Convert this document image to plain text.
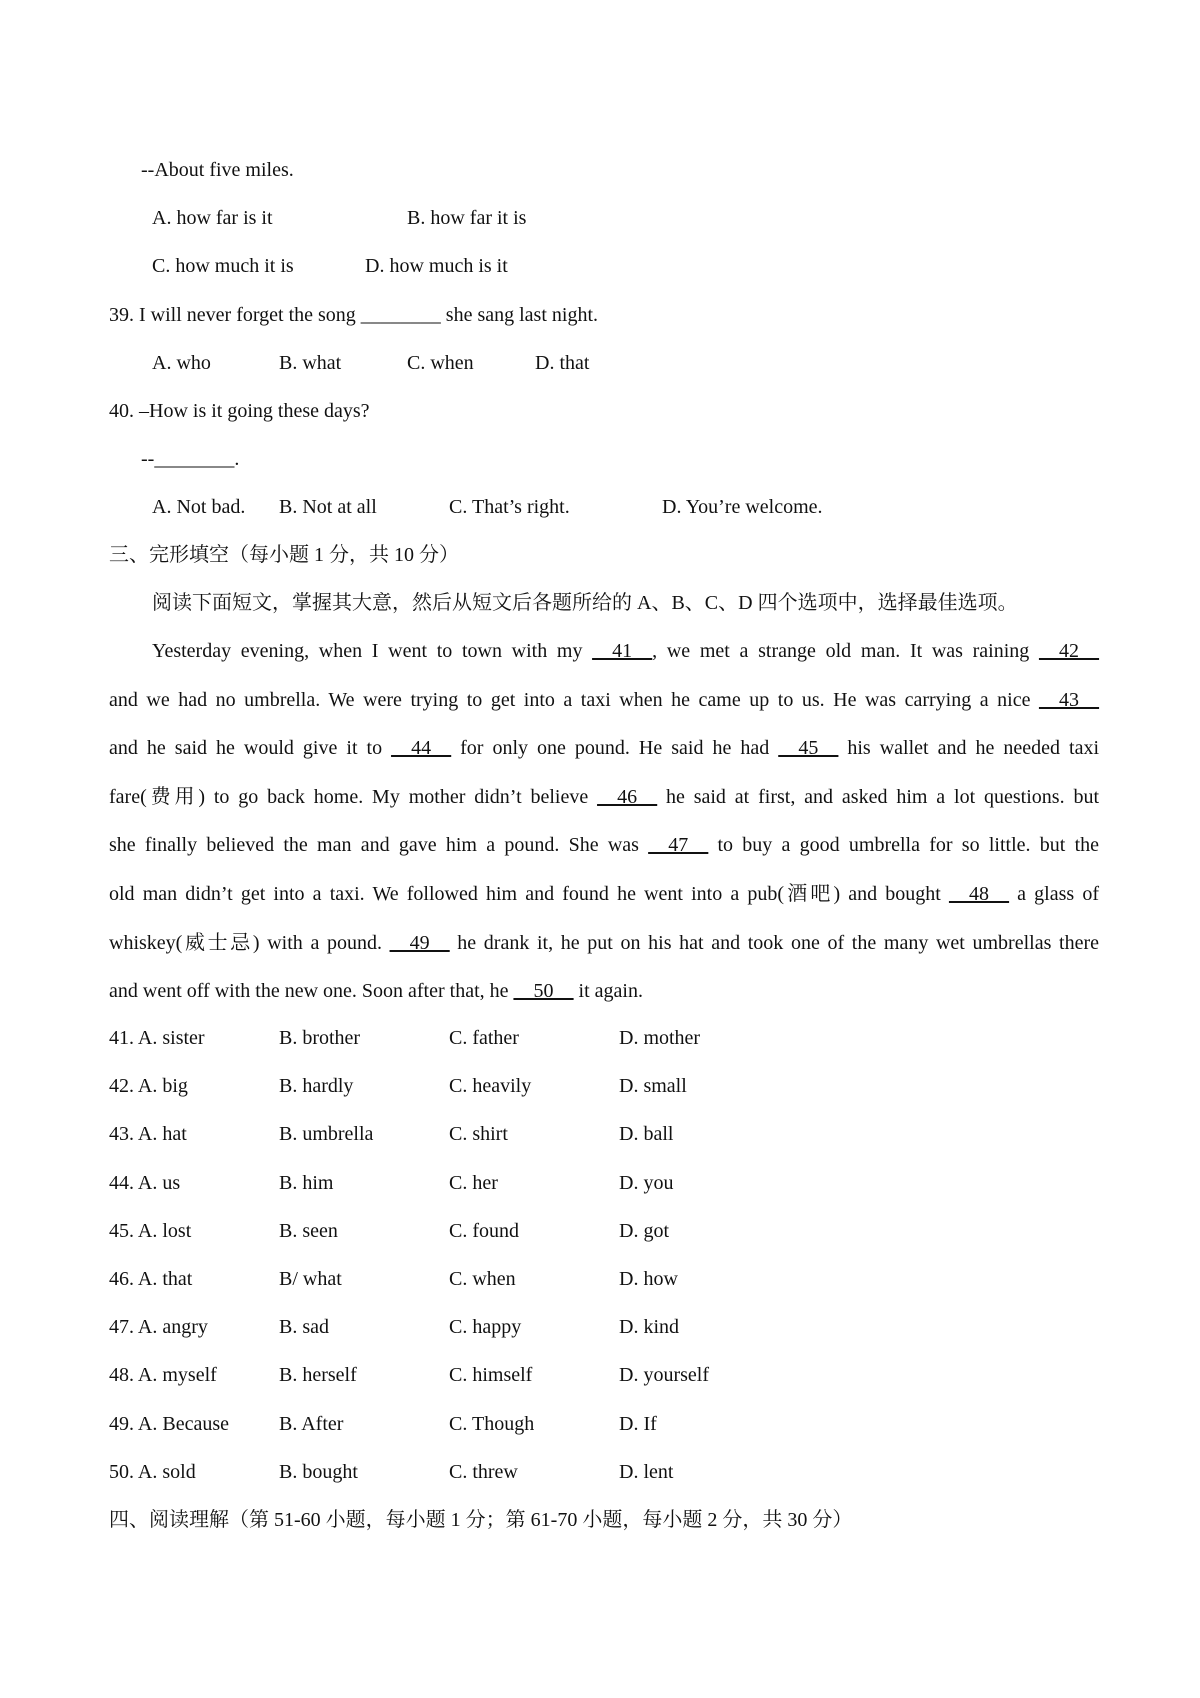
--About five miles.
A. how far is it	B. how far it is
C. how much it is	D. how much is it
39. I will never forget the song ________ she sang last night.
A. who	B. what	C. when	D. that
40. –How is it going these days?
--________.
A. Not bad. B. Not at all	C. That’s right.	D. You’re welcome.
三、完形填空（每小题 1 分，共 10 分）
阅读下面短文，掌握其大意，然后从短文后各题所给的 A、B、C、D 四个选项中，选择最佳选项。
Yesterday evening, when I went to town with my __41__, we met a strange old man. It was raining __42__
and we had no umbrella. We were trying to get into a taxi when he came up to us. He was carrying a nice __43__
and he said he would give it to __44__ for only one pound. He said he had __45__ his wallet and he needed taxi
fare(费用) to go back home. My mother didn’t believe __46__ he said at first, and asked him a lot questions. but
she finally believed the man and gave him a pound. She was __47__ to buy a good umbrella for so little. but the
old man didn’t get into a taxi. We followed him and found he went into a pub(酒吧) and bought __48__ a glass of
whiskey(威士忌) with a pound. __49__ he drank it, he put on his hat and took one of the many wet umbrellas there
and went off with the new one. Soon after that, he __50__ it again.
41. A. sister	B. brother	C. father	D. mother
42. A. big	B. hardly	C. heavily	D. small
43. A. hat	B. umbrella	C. shirt	D. ball
44. A. us	B. him	C. her	D. you
45. A. lost	B. seen	C. found	D. got
46. A. that	B/ what	C. when	D. how
47. A. angry	B. sad	C. happy	D. kind
48. A. myself	B. herself	C. himself	D. yourself
49. A. Because	B. After	C. Though	D. If
50. A. sold	B. bought	C. threw	D. lent
四、阅读理解（第 51-60 小题，每小题 1 分；第 61-70 小题，每小题 2 分，共 30 分）
